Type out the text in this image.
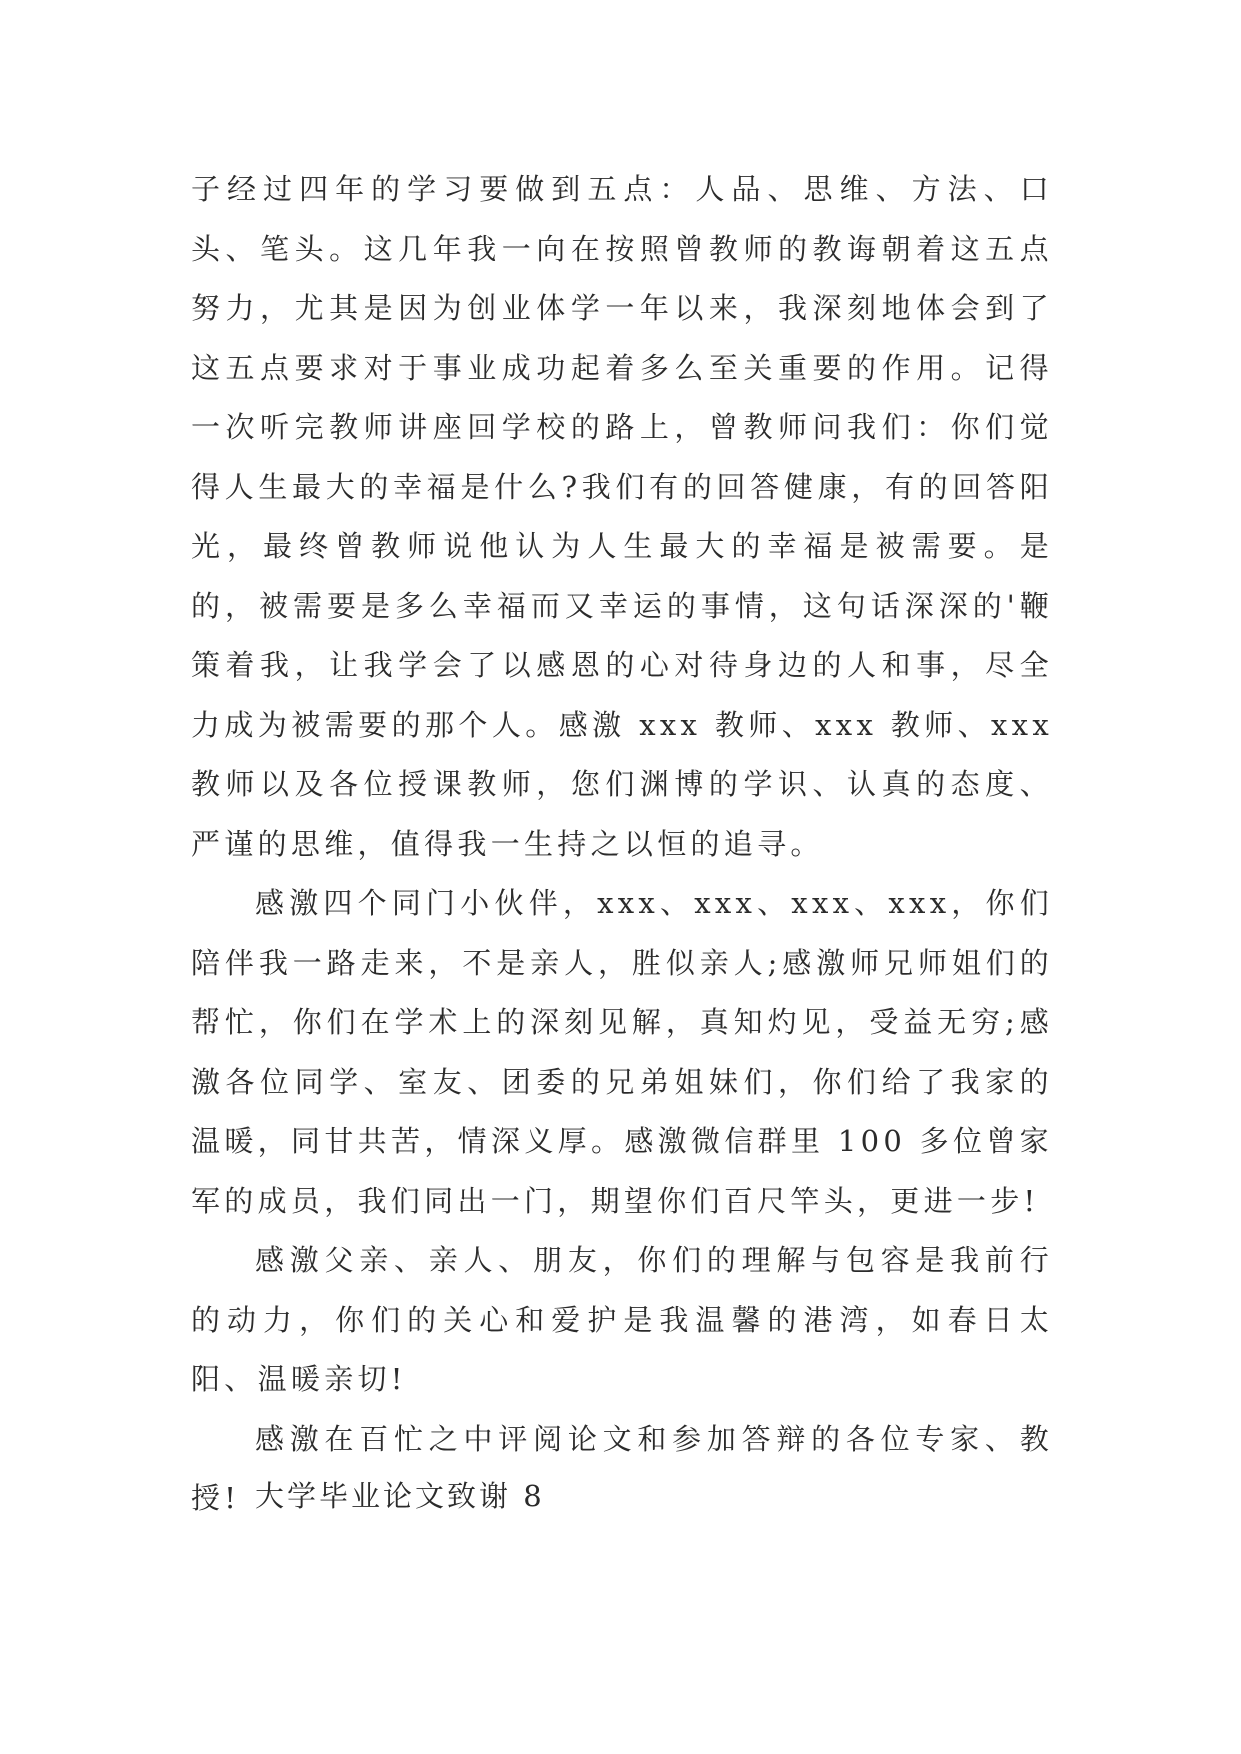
子经过四年的学习要做到五点：人品、思维、方法、口头、笔头。这几年我一向在按照曾教师的教诲朝着这五点努力，尤其是因为创业体学一年以来，我深刻地体会到了这五点要求对于事业成功起着多么至关重要的作用。记得一次听完教师讲座回学校的路上，曾教师问我们：你们觉得人生最大的幸福是什么?我们有的回答健康，有的回答阳光，最终曾教师说他认为人生最大的幸福是被需要。是的，被需要是多么幸福而又幸运的事情，这句话深深的'鞭策着我，让我学会了以感恩的心对待身边的人和事，尽全力成为被需要的那个人。感激 xxx 教师、xxx 教师、xxx 教师以及各位授课教师，您们渊博的学识、认真的态度、严谨的思维，值得我一生持之以恒的追寻。

感激四个同门小伙伴，xxx、xxx、xxx、xxx，你们陪伴我一路走来，不是亲人，胜似亲人;感激师兄师姐们的帮忙，你们在学术上的深刻见解，真知灼见，受益无穷;感激各位同学、室友、团委的兄弟姐妹们，你们给了我家的温暖，同甘共苦，情深义厚。感激微信群里 100 多位曾家军的成员，我们同出一门，期望你们百尺竿头，更进一步!

感激父亲、亲人、朋友，你们的理解与包容是我前行的动力，你们的关心和爱护是我温馨的港湾，如春日太阳、温暖亲切!

感激在百忙之中评阅论文和参加答辩的各位专家、教授! 大学毕业论文致谢 8
